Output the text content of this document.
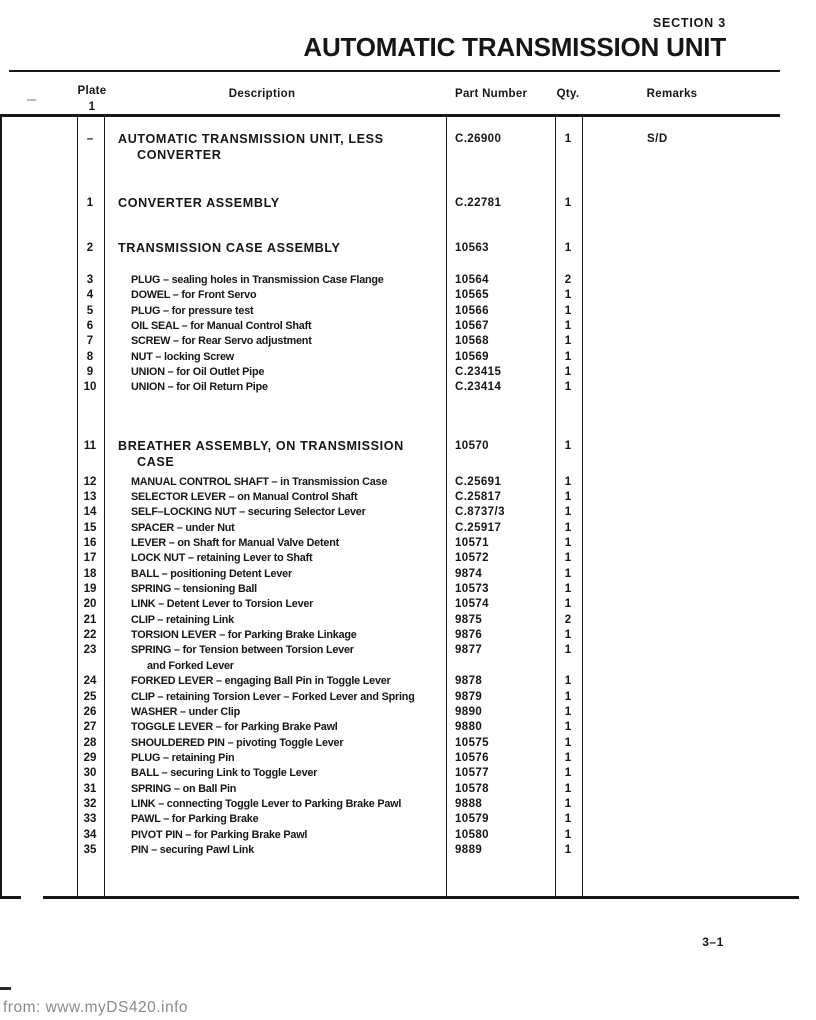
SECTION 3
AUTOMATIC TRANSMISSION UNIT
Plate
1
Description	Part Number	Qty.	Remarks
–	AUTOMATIC TRANSMISSION UNIT, LESS	C.26900	1	S/D
CONVERTER
1	CONVERTER ASSEMBLY	C.22781	1
2	TRANSMISSION CASE ASSEMBLY	10563	1
3	PLUG – sealing holes in Transmission Case Flange	10564	2
4	DOWEL – for Front Servo	10565	1
5	PLUG – for pressure test	10566	1
6	OIL SEAL – for Manual Control Shaft	10567	1
7	SCREW – for Rear Servo adjustment	10568	1
8	NUT – locking Screw	10569	1
9	UNION – for Oil Outlet Pipe	C.23415	1
10	UNION – for Oil Return Pipe	C.23414	1
11	BREATHER ASSEMBLY, ON TRANSMISSION	10570	1
CASE
12	MANUAL CONTROL SHAFT – in Transmission Case	C.25691	1
13	SELECTOR LEVER – on Manual Control Shaft	C.25817	1
14	SELF–LOCKING NUT – securing Selector Lever	C.8737/3	1
15	SPACER – under Nut	C.25917	1
16	LEVER – on Shaft for Manual Valve Detent	10571	1
17	LOCK NUT – retaining Lever to Shaft	10572	1
18	BALL – positioning Detent Lever	9874	1
19	SPRING – tensioning Ball	10573	1
20	LINK – Detent Lever to Torsion Lever	10574	1
21	CLIP – retaining Link	9875	2
22	TORSION LEVER – for Parking Brake Linkage	9876	1
23	SPRING – for Tension between Torsion Lever	9877	1
and Forked Lever
24	FORKED LEVER – engaging Ball Pin in Toggle Lever	9878	1
25	CLIP – retaining Torsion Lever – Forked Lever and Spring	9879	1
26	WASHER – under Clip	9890	1
27	TOGGLE LEVER – for Parking Brake Pawl	9880	1
28	SHOULDERED PIN – pivoting Toggle Lever	10575	1
29	PLUG – retaining Pin	10576	1
30	BALL – securing Link to Toggle Lever	10577	1
31	SPRING – on Ball Pin	10578	1
32	LINK – connecting Toggle Lever to Parking Brake Pawl	9888	1
33	PAWL – for Parking Brake	10579	1
34	PIVOT PIN – for Parking Brake Pawl	10580	1
35	PIN – securing Pawl Link	9889	1
3–1
from: www.myDS420.info
